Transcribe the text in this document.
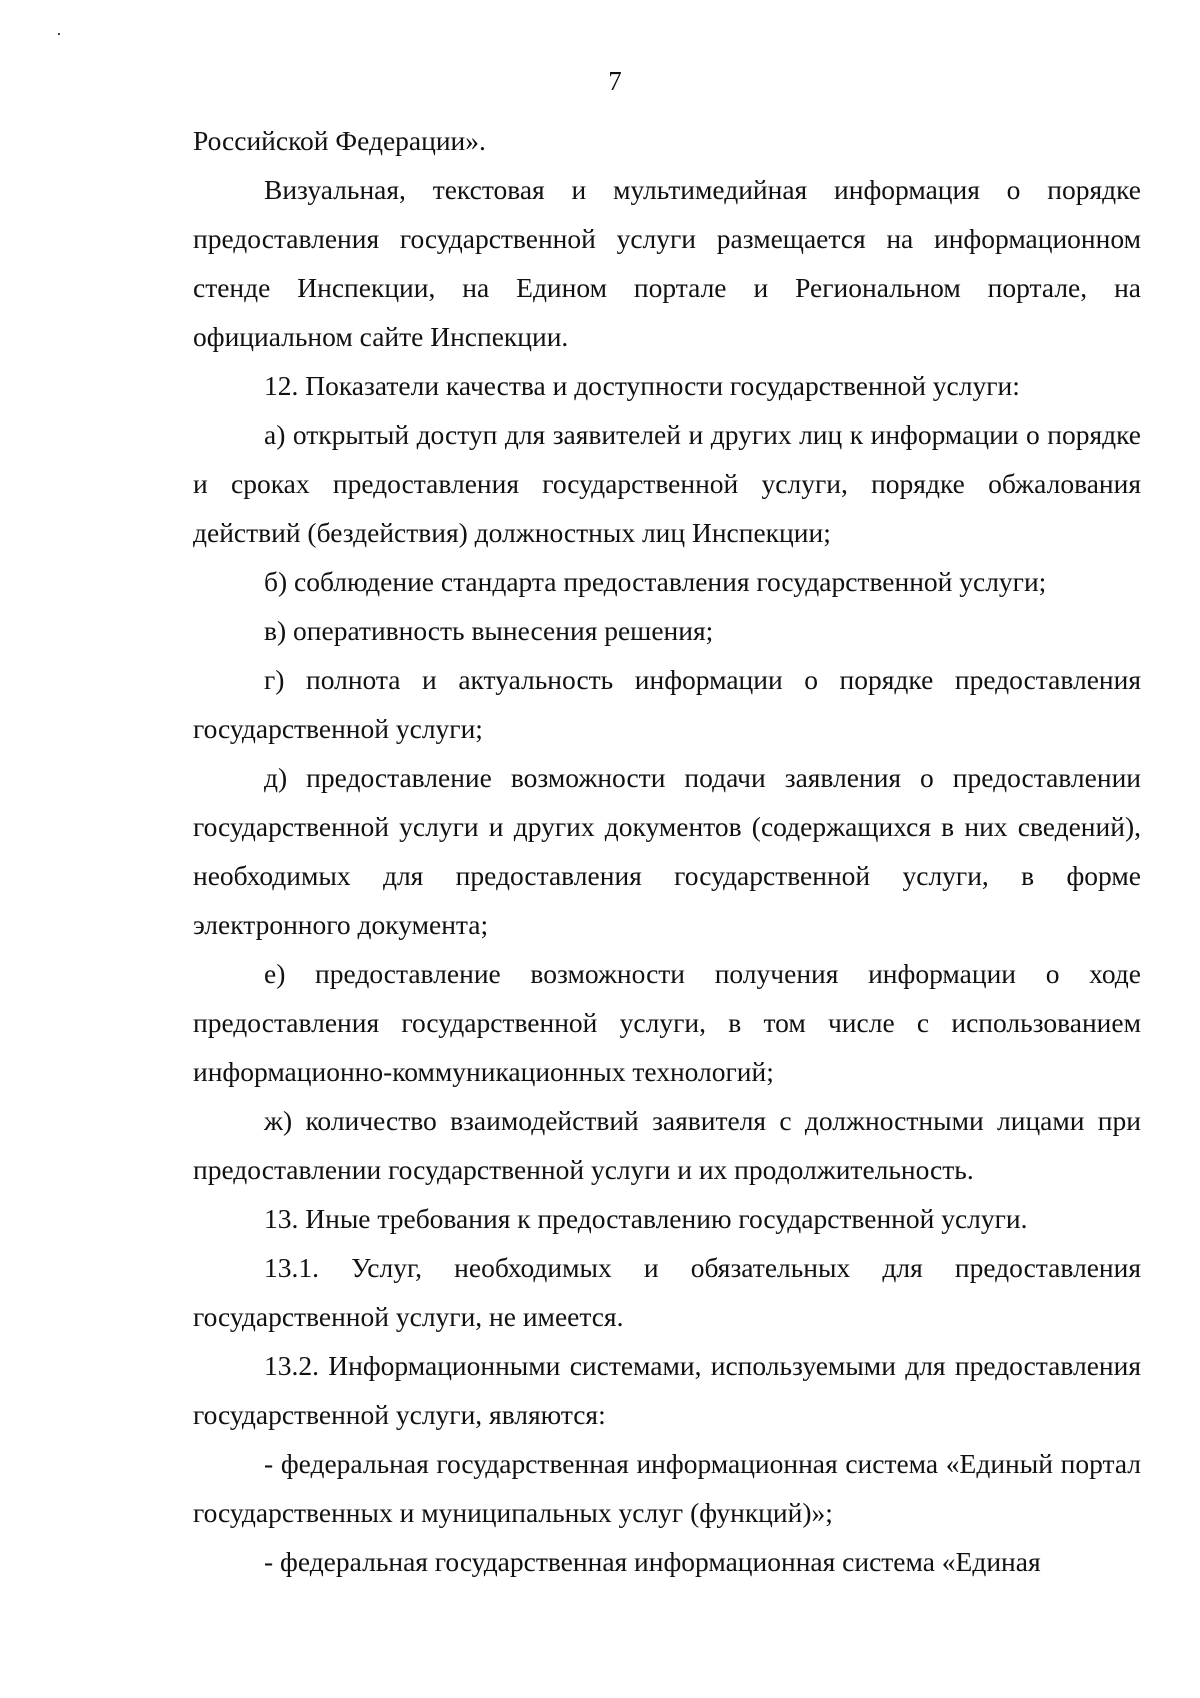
7

Российской Федерации».

Визуальная, текстовая и мультимедийная информация о порядке предоставления государственной услуги размещается на информационном стенде Инспекции, на Едином портале и Региональном портале, на официальном сайте Инспекции.

12. Показатели качества и доступности государственной услуги:

а) открытый доступ для заявителей и других лиц к информации о порядке и сроках предоставления государственной услуги, порядке обжалования действий (бездействия) должностных лиц Инспекции;

б) соблюдение стандарта предоставления государственной услуги;

в) оперативность вынесения решения;

г) полнота и актуальность информации о порядке предоставления государственной услуги;

д) предоставление возможности подачи заявления о предоставлении государственной услуги и других документов (содержащихся в них сведений), необходимых для предоставления государственной услуги, в форме электронного документа;

е) предоставление возможности получения информации о ходе предоставления государственной услуги, в том числе с использованием информационно-коммуникационных технологий;

ж) количество взаимодействий заявителя с должностными лицами при предоставлении государственной услуги и их продолжительность.

13. Иные требования к предоставлению государственной услуги.

13.1. Услуг, необходимых и обязательных для предоставления государственной услуги, не имеется.

13.2. Информационными системами, используемыми для предоставления государственной услуги, являются:

- федеральная государственная информационная система «Единый портал государственных и муниципальных услуг (функций)»;

- федеральная государственная информационная система «Единая
